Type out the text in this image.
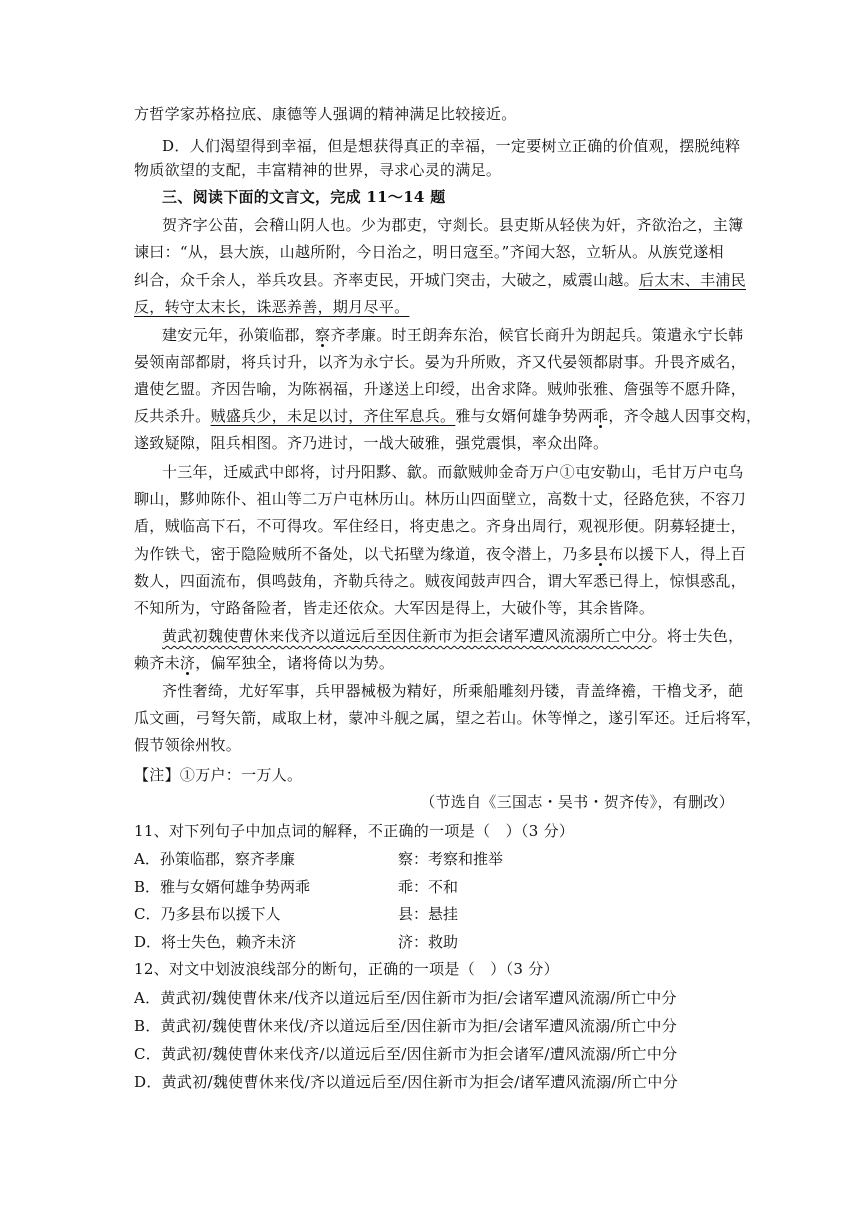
方哲学家苏格拉底、康德等人强调的精神满足比较接近。
D．人们渴望得到幸福，但是想获得真正的幸福，一定要树立正确的价值观，摆脱纯粹
物质欲望的支配，丰富精神的世界，寻求心灵的满足。
三、阅读下面的文言文，完成 11～14 题
贺齐字公苗，会稽山阴人也。少为郡吏，守剡长。县吏斯从轻侠为奸，齐欲治之，主簿
谏曰：“从，县大族，山越所附，今日治之，明日寇至。”齐闻大怒，立斩从。从族党遂相
纠合，众千余人，举兵攻县。齐率吏民，开城门突击，大破之，威震山越。后太末、丰浦民
反，转守太末长，诛恶养善，期月尽平。
建安元年，孙策临郡，察齐孝廉。时王朗奔东治，候官长商升为朗起兵。策遣永宁长韩
晏领南部都尉，将兵讨升，以齐为永宁长。晏为升所败，齐又代晏领都尉事。升畏齐威名，
遣使乞盟。齐因告喻，为陈祸福，升遂送上印绶，出舍求降。贼帅张雅、詹强等不愿升降，
反共杀升。贼盛兵少，未足以讨，齐住军息兵。雅与女婿何雄争势两乖，齐令越人因事交构，
遂致疑隙，阻兵相图。齐乃进讨，一战大破雅，强党震惧，率众出降。
十三年，迁威武中郎将，讨丹阳黟、歙。而歙贼帅金奇万户①屯安勒山，毛甘万户屯乌
聊山，黟帅陈仆、祖山等二万户屯林历山。林历山四面壁立，高数十丈，径路危狭，不容刀
盾，贼临高下石，不可得攻。军住经日，将吏患之。齐身出周行，观视形便。阴募轻捷士，
为作铁弋，密于隐险贼所不备处，以弋拓壁为缘道，夜令潜上，乃多县布以援下人，得上百
数人，四面流布，俱鸣鼓角，齐勒兵待之。贼夜闻鼓声四合，谓大军悉已得上，惊惧惑乱，
不知所为，守路备险者，皆走还依众。大军因是得上，大破仆等，其余皆降。
黄武初魏使曹休来伐齐以道远后至因住新市为拒会诸军遭风流溺所亡中分。将士失色，
赖齐未济，偏军独全，诸将倚以为势。
齐性奢绮，尤好军事，兵甲器械极为精好，所乘船雕刻丹镂，青盖绛襜，干橹戈矛，葩
瓜文画，弓弩矢箭，咸取上材，蒙冲斗舰之属，望之若山。休等惮之，遂引军还。迁后将军，
假节领徐州牧。
【注】①万户：一万人。
（节选自《三国志・吴书・贺齐传》，有删改）
11、对下列句子中加点词的解释，不正确的一项是（　）（3 分）
A．孙策临郡，察齐孝廉	察：考察和推举
B．雅与女婿何雄争势两乖	乖：不和
C．乃多县布以援下人	县：悬挂
D．将士失色，赖齐未济	济：救助
12、对文中划波浪线部分的断句，正确的一项是（　）（3 分）
A．黄武初/魏使曹休来/伐齐以道远后至/因住新市为拒/会诸军遭风流溺/所亡中分
B．黄武初/魏使曹休来伐/齐以道远后至/因住新市为拒/会诸军遭风流溺/所亡中分
C．黄武初/魏使曹休来伐齐/以道远后至/因住新市为拒会诸军/遭风流溺/所亡中分
D．黄武初/魏使曹休来伐/齐以道远后至/因住新市为拒会/诸军遭风流溺/所亡中分
